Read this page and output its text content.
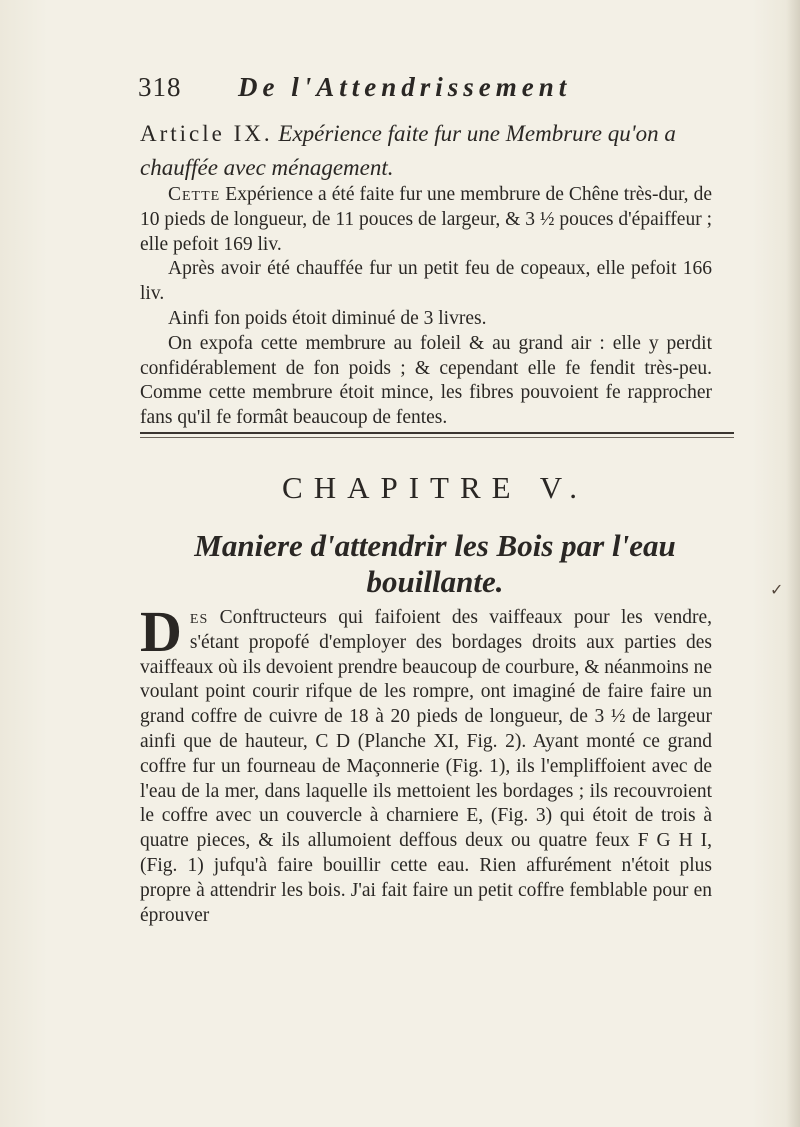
318 De l'Attendrissement
Article IX. Expérience faite fur une Membrure qu'on a chauffée avec ménagement.

Cette Expérience a été faite fur une membrure de Chêne très-dur, de 10 pieds de longueur, de 11 pouces de largeur, & 3 ½ pouces d'épaiffeur ; elle pefoit 169 liv.

Après avoir été chauffée fur un petit feu de copeaux, elle pefoit 166 liv.

Ainfi fon poids étoit diminué de 3 livres.

On expofa cette membrure au foleil & au grand air : elle y perdit confidérablement de fon poids ; & cependant elle fe fendit très-peu. Comme cette membrure étoit mince, les fibres pouvoient fe rapprocher fans qu'il fe formât beaucoup de fentes.

CHAPITRE V.
Maniere d'attendrir les Bois par l'eau bouillante.

Des Conftructeurs qui faifoient des vaiffeaux pour les vendre, s'étant propofé d'employer des bordages droits aux parties des vaiffeaux où ils devoient prendre beaucoup de courbure, & néanmoins ne voulant point courir rifque de les rompre, ont imaginé de faire faire un grand coffre de cuivre de 18 à 20 pieds de longueur, de 3 ½ de largeur ainfi que de hauteur, C D (Planche XI, Fig. 2). Ayant monté ce grand coffre fur un fourneau de Maçonnerie (Fig. 1), ils l'empliffoient avec de l'eau de la mer, dans laquelle ils mettoient les bordages ; ils recouvroient le coffre avec un couvercle à charniere E, (Fig. 3) qui étoit de trois à quatre pieces, & ils allumoient deffous deux ou quatre feux F G H I, (Fig. 1) jufqu'à faire bouillir cette eau. Rien affurément n'étoit plus propre à attendrir les bois. J'ai fait faire un petit coffre femblable pour en éprouver

✓
